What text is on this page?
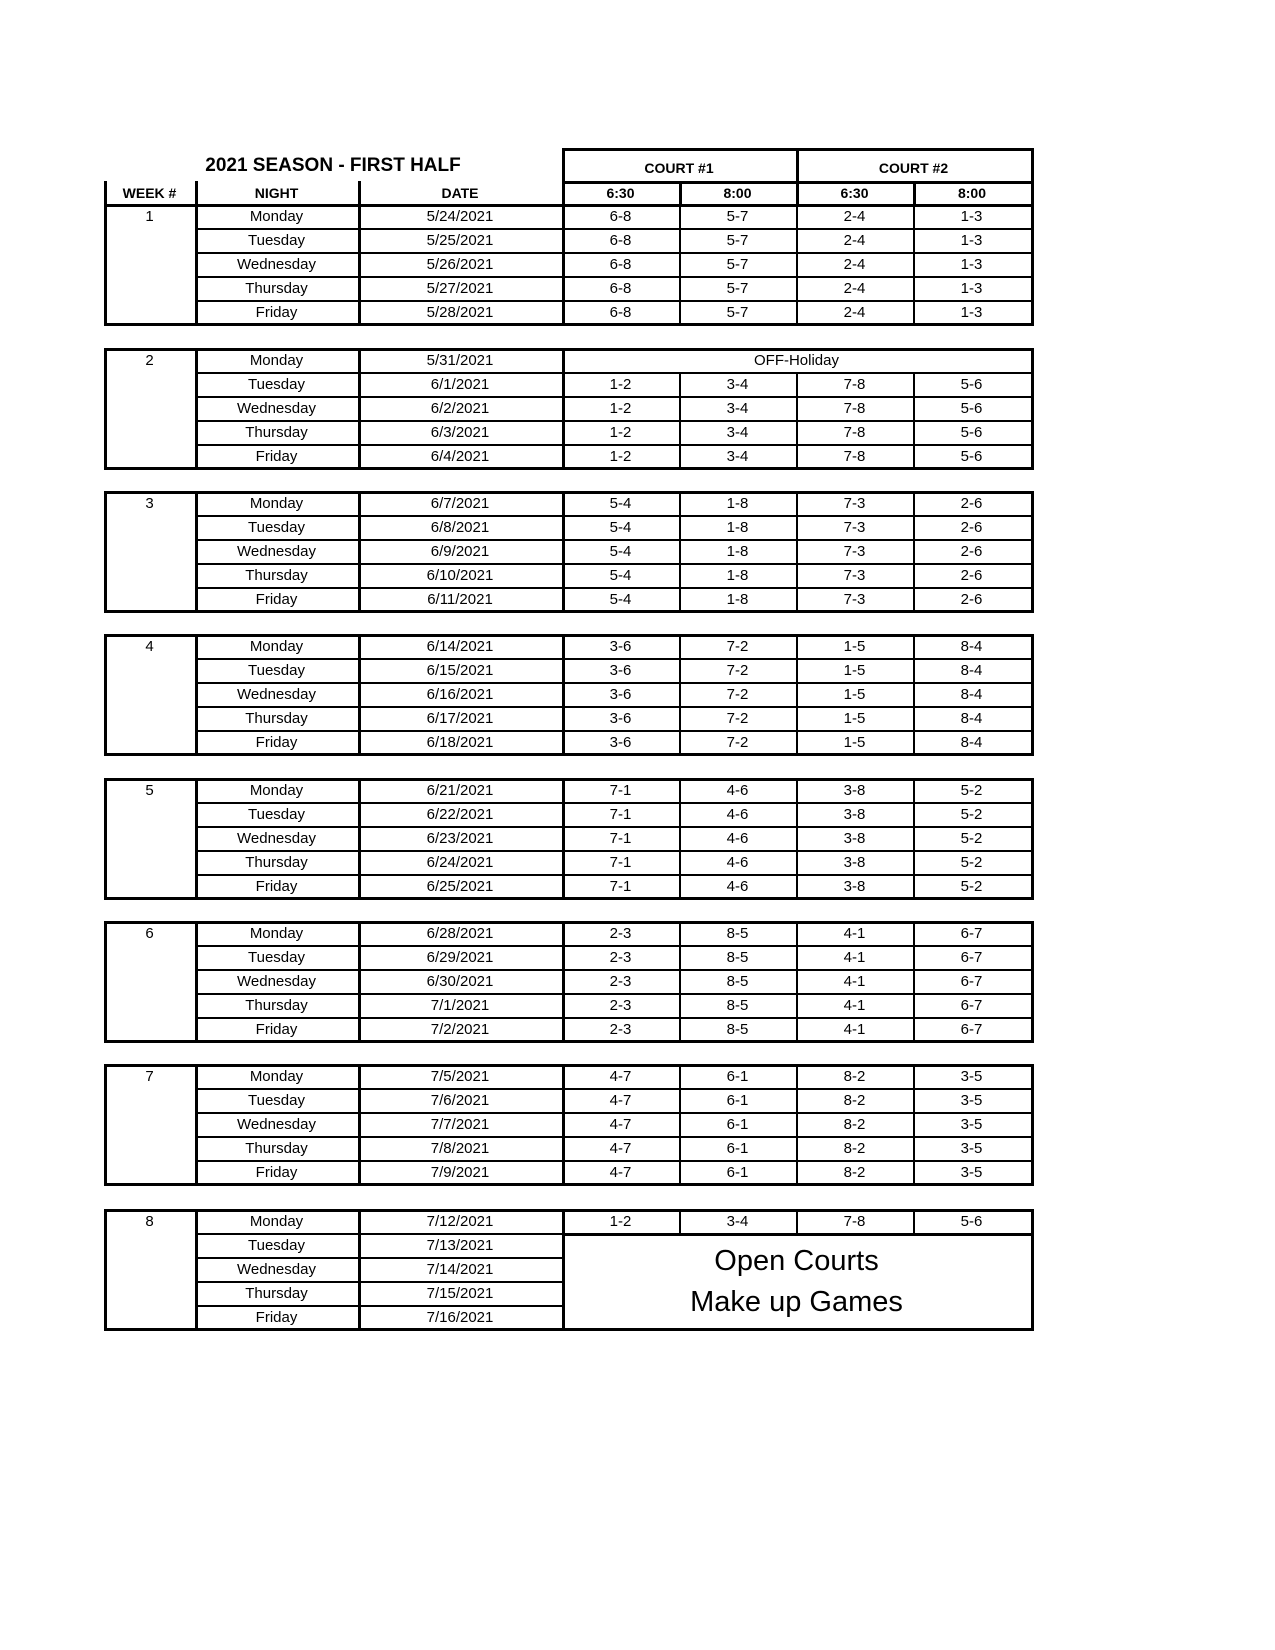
2021 SEASON - FIRST HALF	COURT #1	COURT #2
WEEK #	NIGHT	DATE	6:30	8:00	6:30	8:00
1	Monday	5/24/2021	6-8	5-7	2-4	1-3
Tuesday	5/25/2021	6-8	5-7	2-4	1-3
Wednesday	5/26/2021	6-8	5-7	2-4	1-3
Thursday	5/27/2021	6-8	5-7	2-4	1-3
Friday	5/28/2021	6-8	5-7	2-4	1-3
2	Monday	5/31/2021	OFF-Holiday
Tuesday	6/1/2021	1-2	3-4	7-8	5-6
Wednesday	6/2/2021	1-2	3-4	7-8	5-6
Thursday	6/3/2021	1-2	3-4	7-8	5-6
Friday	6/4/2021	1-2	3-4	7-8	5-6
3	Monday	6/7/2021	5-4	1-8	7-3	2-6
Tuesday	6/8/2021	5-4	1-8	7-3	2-6
Wednesday	6/9/2021	5-4	1-8	7-3	2-6
Thursday	6/10/2021	5-4	1-8	7-3	2-6
Friday	6/11/2021	5-4	1-8	7-3	2-6
4	Monday	6/14/2021	3-6	7-2	1-5	8-4
Tuesday	6/15/2021	3-6	7-2	1-5	8-4
Wednesday	6/16/2021	3-6	7-2	1-5	8-4
Thursday	6/17/2021	3-6	7-2	1-5	8-4
Friday	6/18/2021	3-6	7-2	1-5	8-4
5	Monday	6/21/2021	7-1	4-6	3-8	5-2
Tuesday	6/22/2021	7-1	4-6	3-8	5-2
Wednesday	6/23/2021	7-1	4-6	3-8	5-2
Thursday	6/24/2021	7-1	4-6	3-8	5-2
Friday	6/25/2021	7-1	4-6	3-8	5-2
6	Monday	6/28/2021	2-3	8-5	4-1	6-7
Tuesday	6/29/2021	2-3	8-5	4-1	6-7
Wednesday	6/30/2021	2-3	8-5	4-1	6-7
Thursday	7/1/2021	2-3	8-5	4-1	6-7
Friday	7/2/2021	2-3	8-5	4-1	6-7
7	Monday	7/5/2021	4-7	6-1	8-2	3-5
Tuesday	7/6/2021	4-7	6-1	8-2	3-5
Wednesday	7/7/2021	4-7	6-1	8-2	3-5
Thursday	7/8/2021	4-7	6-1	8-2	3-5
Friday	7/9/2021	4-7	6-1	8-2	3-5
8	Monday	7/12/2021	1-2	3-4	7-8	5-6
Tuesday	7/13/2021
Wednesday	7/14/2021
Thursday	7/15/2021
Friday	7/16/2021
Open Courts
Make up Games
